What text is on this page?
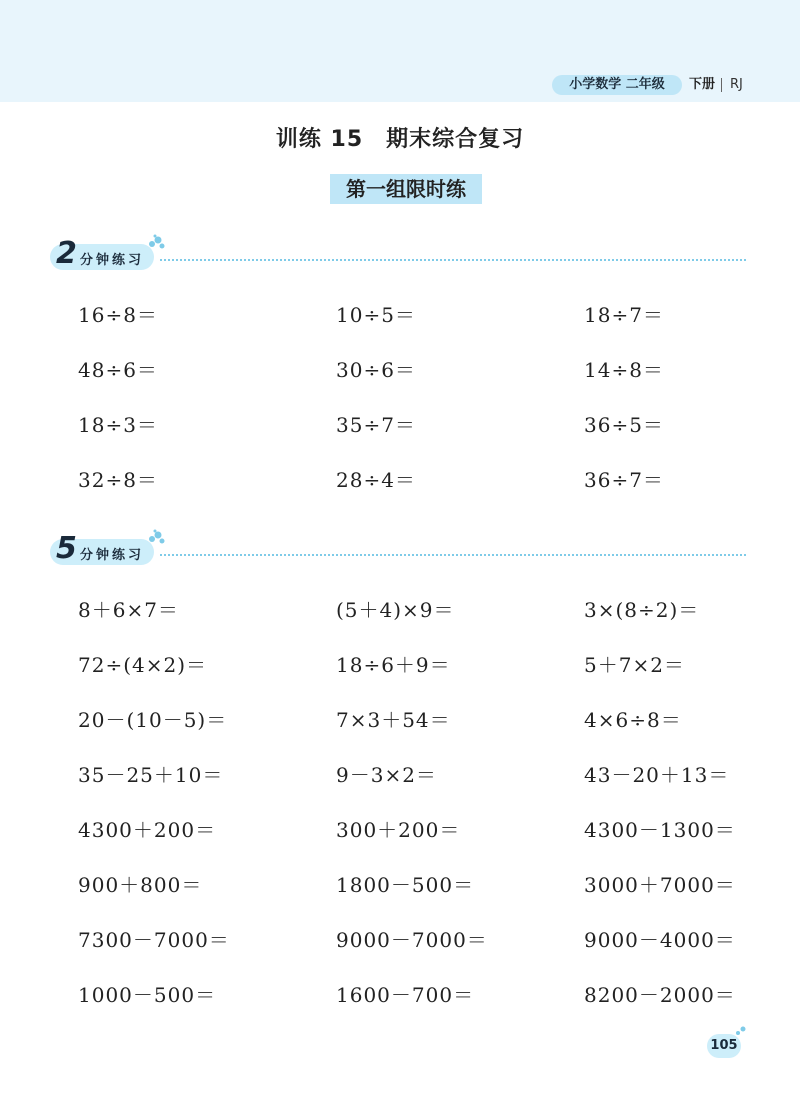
小学数学 二年级	下册 RJ
训练 15　期末综合复习
第一组限时练
2 分钟练习
16÷8＝	10÷5＝	18÷7＝
48÷6＝	30÷6＝	14÷8＝
18÷3＝	35÷7＝	36÷5＝
32÷8＝	28÷4＝	36÷7＝
5 分钟练习
8＋6×7＝	(5＋4)×9＝	3×(8÷2)＝
72÷(4×2)＝	18÷6＋9＝	5＋7×2＝
20－(10－5)＝	7×3＋54＝	4×6÷8＝
35－25＋10＝	9－3×2＝	43－20＋13＝
4300＋200＝	300＋200＝	4300－1300＝
900＋800＝	1800－500＝	3000＋7000＝
7300－7000＝	9000－7000＝	9000－4000＝
1000－500＝	1600－700＝	8200－2000＝
105
